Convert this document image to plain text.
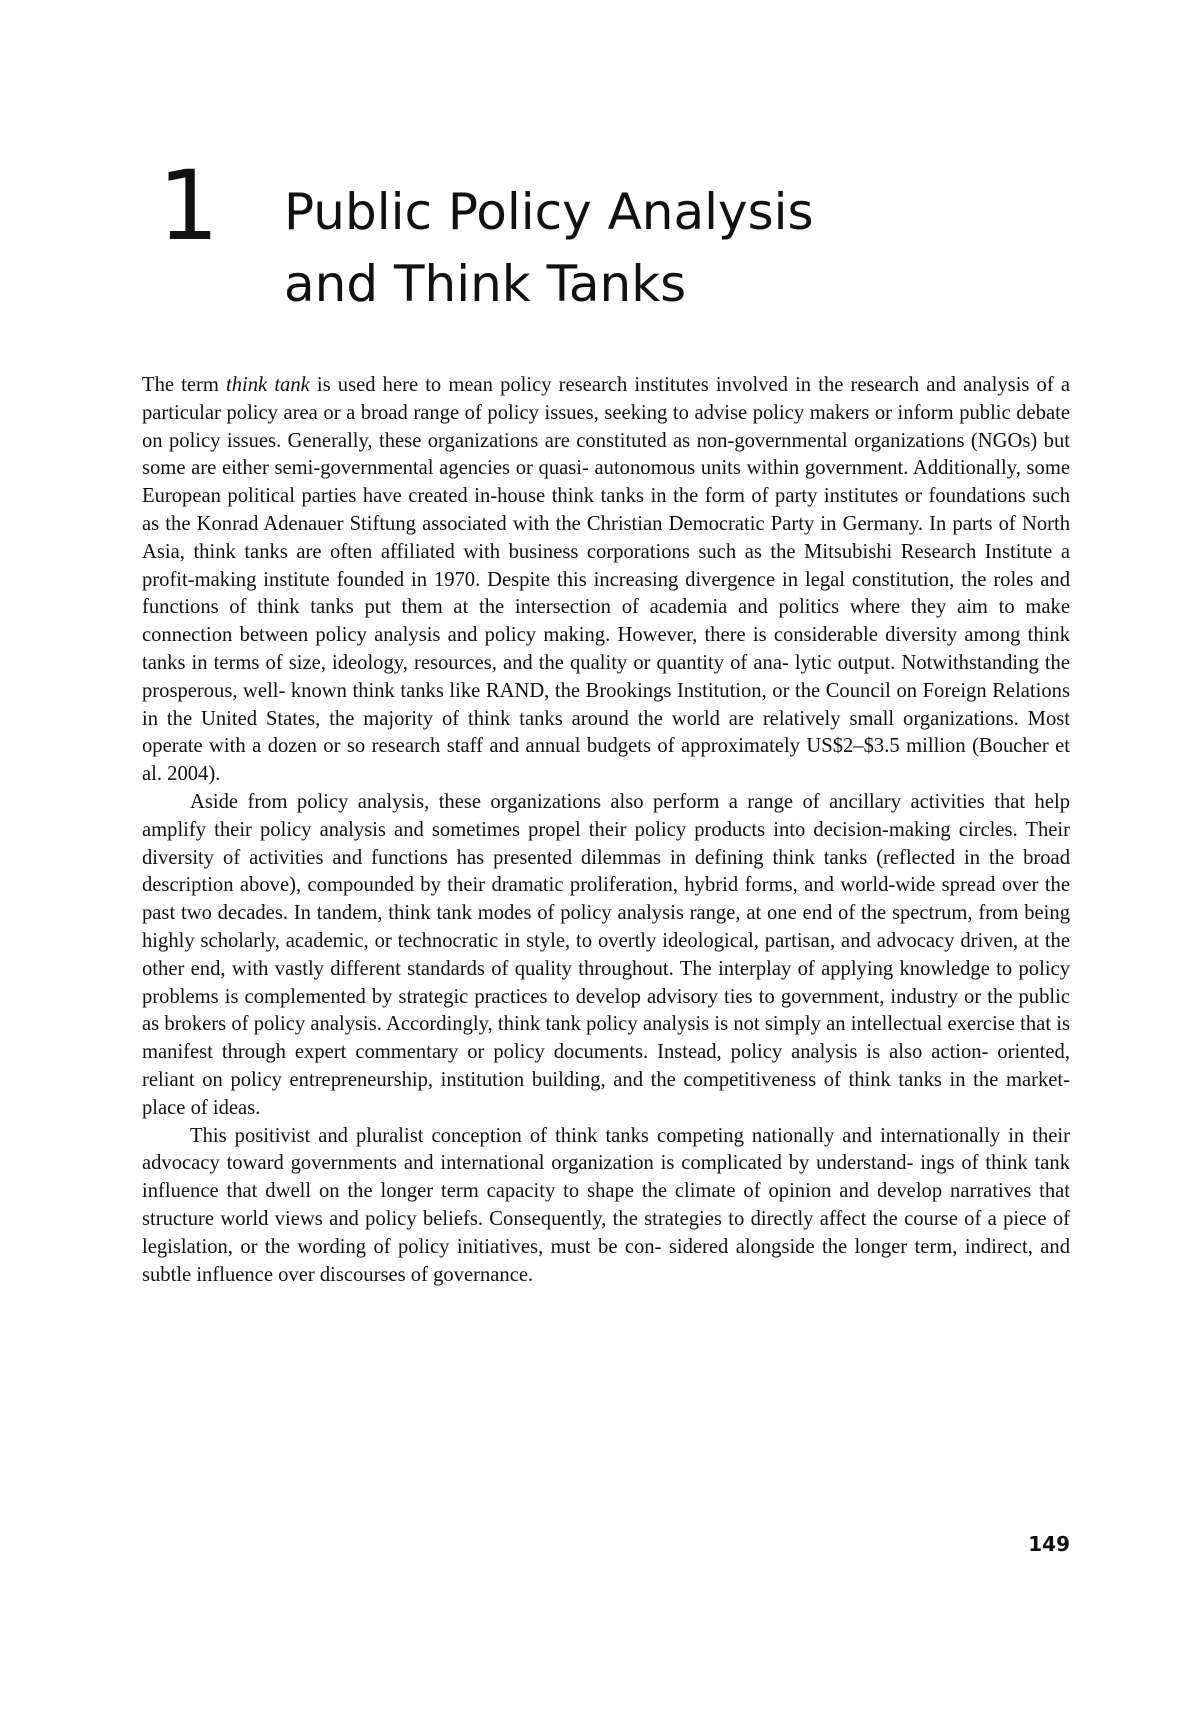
1 Public Policy Analysis
and Think Tanks

The term think tank is used here to mean policy research institutes involved in the research and analysis of a particular policy area or a broad range of policy issues, seeking to advise policy makers or inform public debate on policy issues. Generally, these organizations are constituted as non-governmental organizations (NGOs) but some are either semi-governmental agencies or quasi- autonomous units within government. Additionally, some European political parties have created in-house think tanks in the form of party institutes or foundations such as the Konrad Adenauer Stiftung associated with the Christian Democratic Party in Germany. In parts of North Asia, think tanks are often affiliated with business corporations such as the Mitsubishi Research Institute a profit-making institute founded in 1970. Despite this increasing divergence in legal constitution, the roles and functions of think tanks put them at the intersection of academia and politics where they aim to make connection between policy analysis and policy making. However, there is considerable diversity among think tanks in terms of size, ideology, resources, and the quality or quantity of ana- lytic output. Notwithstanding the prosperous, well- known think tanks like RAND, the Brookings Institution, or the Council on Foreign Relations in the United States, the majority of think tanks around the world are relatively small organizations. Most operate with a dozen or so research staff and annual budgets of approximately US$2–$3.5 million (Boucher et al. 2004).

Aside from policy analysis, these organizations also perform a range of ancillary activities that help amplify their policy analysis and sometimes propel their policy products into decision-making circles. Their diversity of activities and functions has presented dilemmas in defining think tanks (reflected in the broad description above), compounded by their dramatic proliferation, hybrid forms, and world-wide spread over the past two decades. In tandem, think tank modes of policy analysis range, at one end of the spectrum, from being highly scholarly, academic, or technocratic in style, to overtly ideological, partisan, and advocacy driven, at the other end, with vastly different standards of quality throughout. The interplay of applying knowledge to policy problems is complemented by strategic practices to develop advisory ties to government, industry or the public as brokers of policy analysis. Accordingly, think tank policy analysis is not simply an intellectual exercise that is manifest through expert commentary or policy documents. Instead, policy analysis is also action- oriented, reliant on policy entrepreneurship, institution building, and the competitiveness of think tanks in the market-place of ideas.

This positivist and pluralist conception of think tanks competing nationally and internationally in their advocacy toward governments and international organization is complicated by understand- ings of think tank influence that dwell on the longer term capacity to shape the climate of opinion and develop narratives that structure world views and policy beliefs. Consequently, the strategies to directly affect the course of a piece of legislation, or the wording of policy initiatives, must be con- sidered alongside the longer term, indirect, and subtle influence over discourses of governance.

149
